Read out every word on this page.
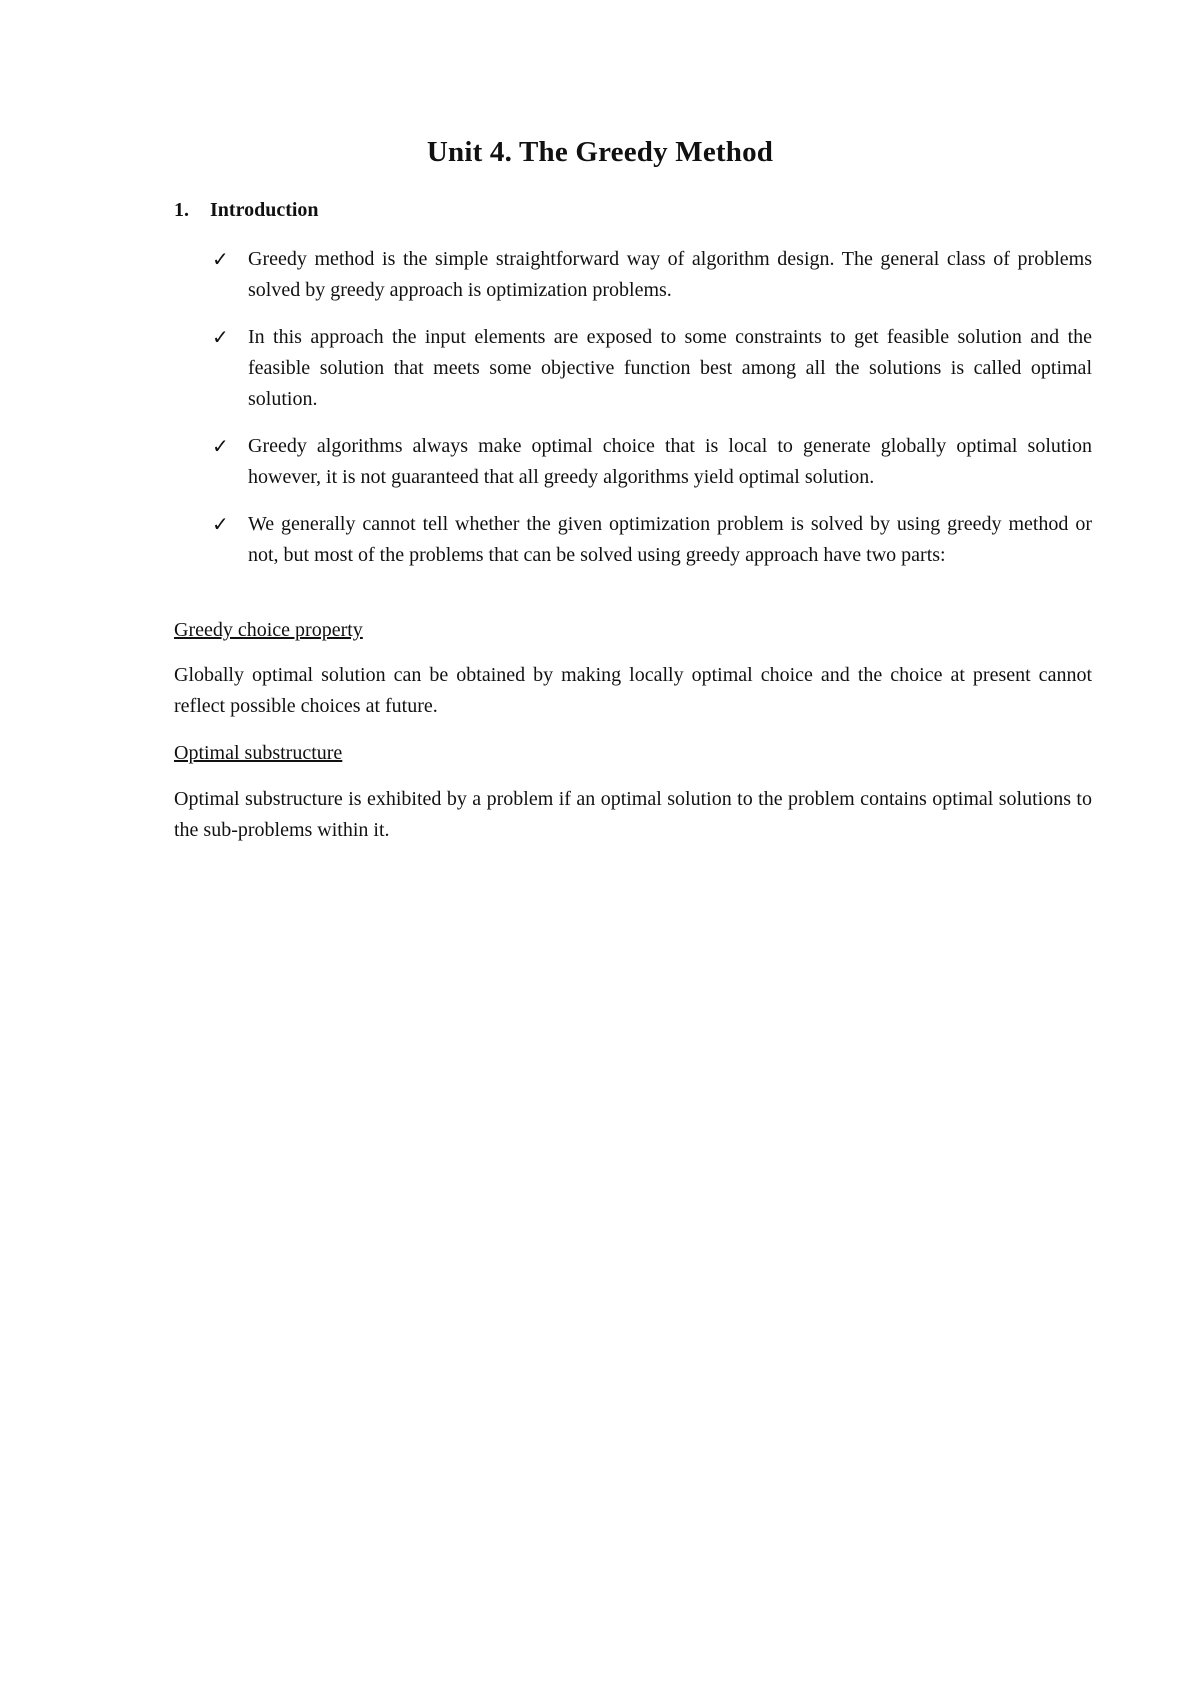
Unit 4. The Greedy Method
1. Introduction
✓ Greedy method is the simple straightforward way of algorithm design. The general class of problems solved by greedy approach is optimization problems.
✓ In this approach the input elements are exposed to some constraints to get feasible solution and the feasible solution that meets some objective function best among all the solutions is called optimal solution.
✓ Greedy algorithms always make optimal choice that is local to generate globally optimal solution however, it is not guaranteed that all greedy algorithms yield optimal solution.
✓ We generally cannot tell whether the given optimization problem is solved by using greedy method or not, but most of the problems that can be solved using greedy approach have two parts:
Greedy choice property

Globally optimal solution can be obtained by making locally optimal choice and the choice at present cannot reflect possible choices at future.

Optimal substructure

Optimal substructure is exhibited by a problem if an optimal solution to the problem contains optimal solutions to the sub-problems within it.
